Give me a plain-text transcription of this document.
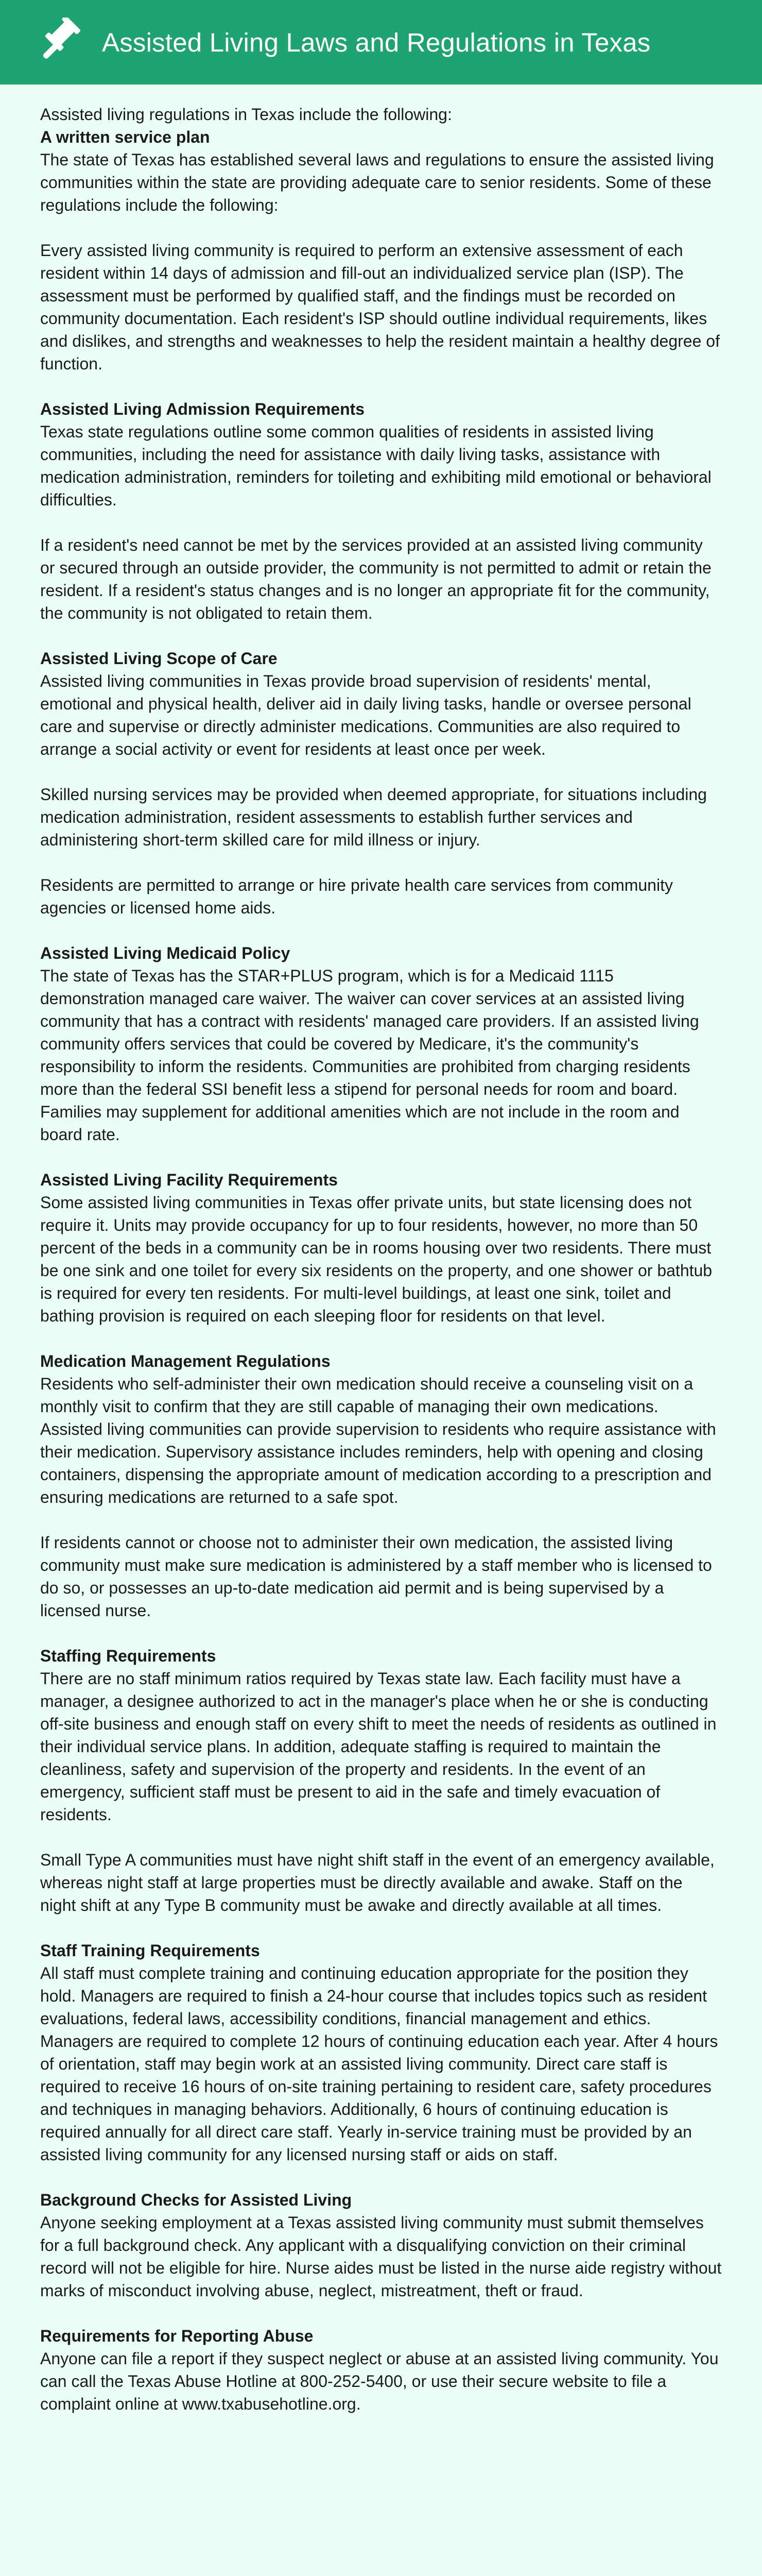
Assisted Living Laws and Regulations in Texas

Assisted living regulations in Texas include the following:

A written service plan

The state of Texas has established several laws and regulations to ensure the assisted living communities within the state are providing adequate care to senior residents. Some of these regulations include the following:

Every assisted living community is required to perform an extensive assessment of each resident within 14 days of admission and fill-out an individualized service plan (ISP). The assessment must be performed by qualified staff, and the findings must be recorded on community documentation. Each resident's ISP should outline individual requirements, likes and dislikes, and strengths and weaknesses to help the resident maintain a healthy degree of function.

Assisted Living Admission Requirements

Texas state regulations outline some common qualities of residents in assisted living communities, including the need for assistance with daily living tasks, assistance with medication administration, reminders for toileting and exhibiting mild emotional or behavioral difficulties.

If a resident's need cannot be met by the services provided at an assisted living community or secured through an outside provider, the community is not permitted to admit or retain the resident. If a resident's status changes and is no longer an appropriate fit for the community, the community is not obligated to retain them.

Assisted Living Scope of Care

Assisted living communities in Texas provide broad supervision of residents' mental, emotional and physical health, deliver aid in daily living tasks, handle or oversee personal care and supervise or directly administer medications. Communities are also required to arrange a social activity or event for residents at least once per week.

Skilled nursing services may be provided when deemed appropriate, for situations including medication administration, resident assessments to establish further services and administering short-term skilled care for mild illness or injury.

Residents are permitted to arrange or hire private health care services from community agencies or licensed home aids.

Assisted Living Medicaid Policy

The state of Texas has the STAR+PLUS program, which is for a Medicaid 1115 demonstration managed care waiver. The waiver can cover services at an assisted living community that has a contract with residents' managed care providers. If an assisted living community offers services that could be covered by Medicare, it's the community's responsibility to inform the residents. Communities are prohibited from charging residents more than the federal SSI benefit less a stipend for personal needs for room and board. Families may supplement for additional amenities which are not include in the room and board rate.

Assisted Living Facility Requirements

Some assisted living communities in Texas offer private units, but state licensing does not require it. Units may provide occupancy for up to four residents, however, no more than 50 percent of the beds in a community can be in rooms housing over two residents. There must be one sink and one toilet for every six residents on the property, and one shower or bathtub is required for every ten residents. For multi-level buildings, at least one sink, toilet and bathing provision is required on each sleeping floor for residents on that level.

Medication Management Regulations

Residents who self-administer their own medication should receive a counseling visit on a monthly visit to confirm that they are still capable of managing their own medications. Assisted living communities can provide supervision to residents who require assistance with their medication. Supervisory assistance includes reminders, help with opening and closing containers, dispensing the appropriate amount of medication according to a prescription and ensuring medications are returned to a safe spot.

If residents cannot or choose not to administer their own medication, the assisted living community must make sure medication is administered by a staff member who is licensed to do so, or possesses an up-to-date medication aid permit and is being supervised by a licensed nurse.

Staffing Requirements

There are no staff minimum ratios required by Texas state law. Each facility must have a manager, a designee authorized to act in the manager's place when he or she is conducting off-site business and enough staff on every shift to meet the needs of residents as outlined in their individual service plans. In addition, adequate staffing is required to maintain the cleanliness, safety and supervision of the property and residents. In the event of an emergency, sufficient staff must be present to aid in the safe and timely evacuation of residents.

Small Type A communities must have night shift staff in the event of an emergency available, whereas night staff at large properties must be directly available and awake. Staff on the night shift at any Type B community must be awake and directly available at all times.

Staff Training Requirements

All staff must complete training and continuing education appropriate for the position they hold. Managers are required to finish a 24-hour course that includes topics such as resident evaluations, federal laws, accessibility conditions, financial management and ethics. Managers are required to complete 12 hours of continuing education each year. After 4 hours of orientation, staff may begin work at an assisted living community. Direct care staff is required to receive 16 hours of on-site training pertaining to resident care, safety procedures and techniques in managing behaviors. Additionally, 6 hours of continuing education is required annually for all direct care staff. Yearly in-service training must be provided by an assisted living community for any licensed nursing staff or aids on staff.

Background Checks for Assisted Living

Anyone seeking employment at a Texas assisted living community must submit themselves for a full background check. Any applicant with a disqualifying conviction on their criminal record will not be eligible for hire. Nurse aides must be listed in the nurse aide registry without marks of misconduct involving abuse, neglect, mistreatment, theft or fraud.

Requirements for Reporting Abuse

Anyone can file a report if they suspect neglect or abuse at an assisted living community. You can call the Texas Abuse Hotline at 800-252-5400, or use their secure website to file a complaint online at www.txabusehotline.org.
